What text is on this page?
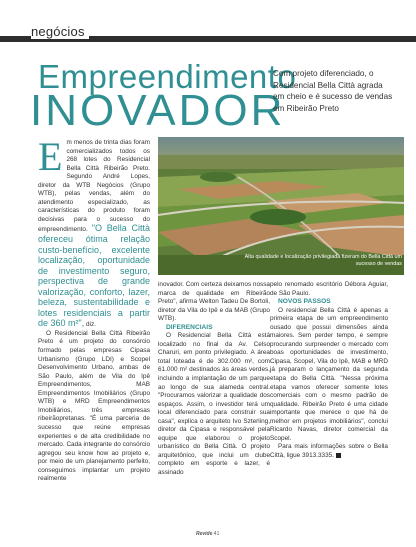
negócios
Empreendimento
INOVADOR
Com projeto diferenciado, o Residencial Bella Città agrada em cheio e é sucesso de vendas em Ribeirão Preto
Alta qualidade e localização privilegiada fizeram do Bella Città um sucesso de vendas

Em menos de trinta dias foram comercializados todos os 268 lotes do Residencial Bella Città Ribeirão Preto. Segundo André Lopes, diretor da WTB Negócios (Grupo WTB), pelas vendas, além do atendimento especializado, as características do produto foram decisivas para o sucesso do empreendimento. "O Bella Città ofereceu ótima relação custo-benefício, excelente localização, oportunidade de investimento seguro, perspectiva de grande valorização, conforto, lazer, beleza, sustentabilidade e lotes residenciais a partir de 360 m²", diz.

O Residencial Bella Città Ribeirão Preto é um projeto do consórcio formado pelas empresas Cipasa Urbanismo (Grupo LDI) e Scopel Desenvolvimento Urbano, ambas de São Paulo, além de Vila do Ipê Empreendimentos, MAB Empreendimentos Imobiliários (Grupo WTB) e MRD Empreendimentos Imobiliários, três empresas ribeirãopretanas. "É uma parceria de sucesso que reúne empresas experientes e de alta credibilidade no mercado. Cada integrante do consórcio agregou seu know how ao projeto e, por meio de um planejamento perfeito, conseguimos implantar um projeto realmente

inovador. Com certeza deixamos nossa marca de qualidade em Ribeirão Preto", afirma Welton Tadeu De Bortoli, diretor da Vila do Ipê e da MAB (Grupo WTB).

DIFERENCIAIS

O Residencial Bella Città está localizado no final da Av. Celso Charuri, em ponto privilegiado. A área total loteada é de 302.000 m², com 61.000 m² destinados às áreas verdes, incluindo a implantação de um parque ao longo de sua alameda central. "Procuramos valorizar a qualidade dos espaços. Assim, o investidor terá um local diferenciado para construir sua casa", explica o arquiteto Ivo Szterling, diretor da Cipasa e responsável pela equipe que elaborou o projeto urbanístico do Bella Città. O projeto arquitetônico, que inclui um clube completo em esporte e lazer, é assinado

pelo renomado escritório Débora Aguiar, de São Paulo.

NOVOS PASSOS

O residencial Bella Città é apenas a primeira etapa de um empreendimento ousado que possui dimensões ainda maiores. Sem perder tempo, e sempre procurando surpreender o mercado com boas oportunidades de investimento, Cipasa, Scopel, Vila do Ipê, MAB e MRD já preparam o lançamento da segunda etapa do Bella Città. "Nessa próxima etapa vamos oferecer somente lotes comerciais com o mesmo padrão de qualidade. Ribeirão Preto é uma cidade importante que merece o que há de melhor em projetos imobiliários", conclui Ricardo Navas, diretor comercial da Scopel.

Para mais informações sobre o Bella Città, ligue 3913.3335.

Revide 41
